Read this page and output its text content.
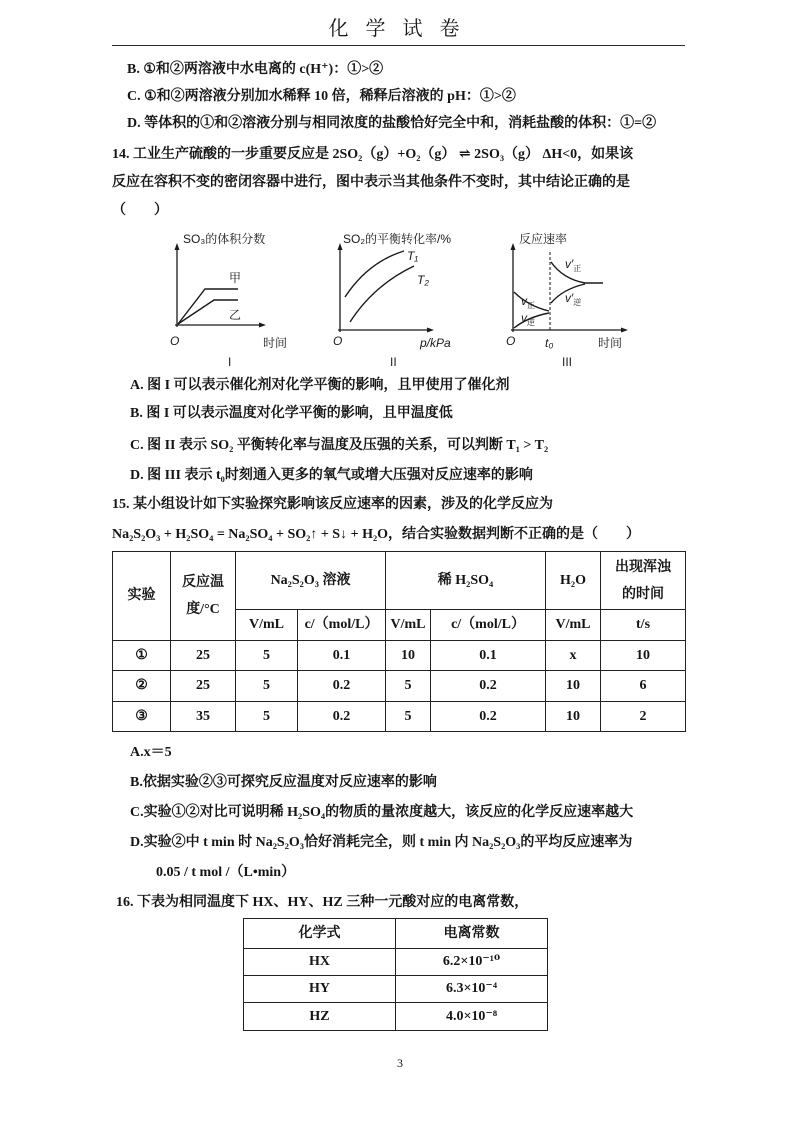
化 学 试 卷
B. ①和②两溶液中水电离的 c(H⁺)：①>②
C. ①和②两溶液分别加水稀释 10 倍，稀释后溶液的 pH：①>②
D. 等体积的①和②溶液分别与相同浓度的盐酸恰好完全中和，消耗盐酸的体积：①=②
14. 工业生产硫酸的一步重要反应是 2SO₂（g）+O₂（g） ⇌ 2SO₃（g） ΔH<0，如果该
反应在容积不变的密闭容器中进行，图中表示当其他条件不变时，其中结论正确的是
（　　）
SO₃的体积分数
甲
乙
O	时间
I
SO₂的平衡转化率/%
T₁
T₂
O	p/kPa
II
反应速率
$v_正$
$v_逆$
$v'_正$
$v'_逆$
O t₀	时间
III
A. 图 I 可以表示催化剂对化学平衡的影响，且甲使用了催化剂
B. 图 I 可以表示温度对化学平衡的影响，且甲温度低
C. 图 II 表示 SO₂ 平衡转化率与温度及压强的关系，可以判断 T₁ > T₂
D. 图 III 表示 t₀时刻通入更多的氧气或增大压强对反应速率的影响
15. 某小组设计如下实验探究影响该反应速率的因素，涉及的化学反应为
Na₂S₂O₃ + H₂SO₄ = Na₂SO₄ + SO₂↑ + S↓ + H₂O，结合实验数据判断不正确的是（　　）
实验	反应温度/°C	Na₂S₂O₃ 溶液		稀 H₂SO₄		H₂O	出现浑浊的时间
		V/mL	c/（mol/L）	V/mL	c/（mol/L）	V/mL	t/s
①	25	5	0.1	10	0.1	x	10
②	25	5	0.2	5	0.2	10	6
③	35	5	0.2	5	0.2	10	2
A.x＝5
B.依据实验②③可探究反应温度对反应速率的影响
C.实验①②对比可说明稀 H₂SO₄的物质的量浓度越大，该反应的化学反应速率越大
D.实验②中 t min 时 Na₂S₂O₃恰好消耗完全，则 t min 内 Na₂S₂O₃的平均反应速率为
0.05 / t mol /（L•min）
16. 下表为相同温度下 HX、HY、HZ 三种一元酸对应的电离常数，
化学式	电离常数
HX	6.2×10⁻¹⁰
HY	6.3×10⁻⁴
HZ	4.0×10⁻⁸
3
